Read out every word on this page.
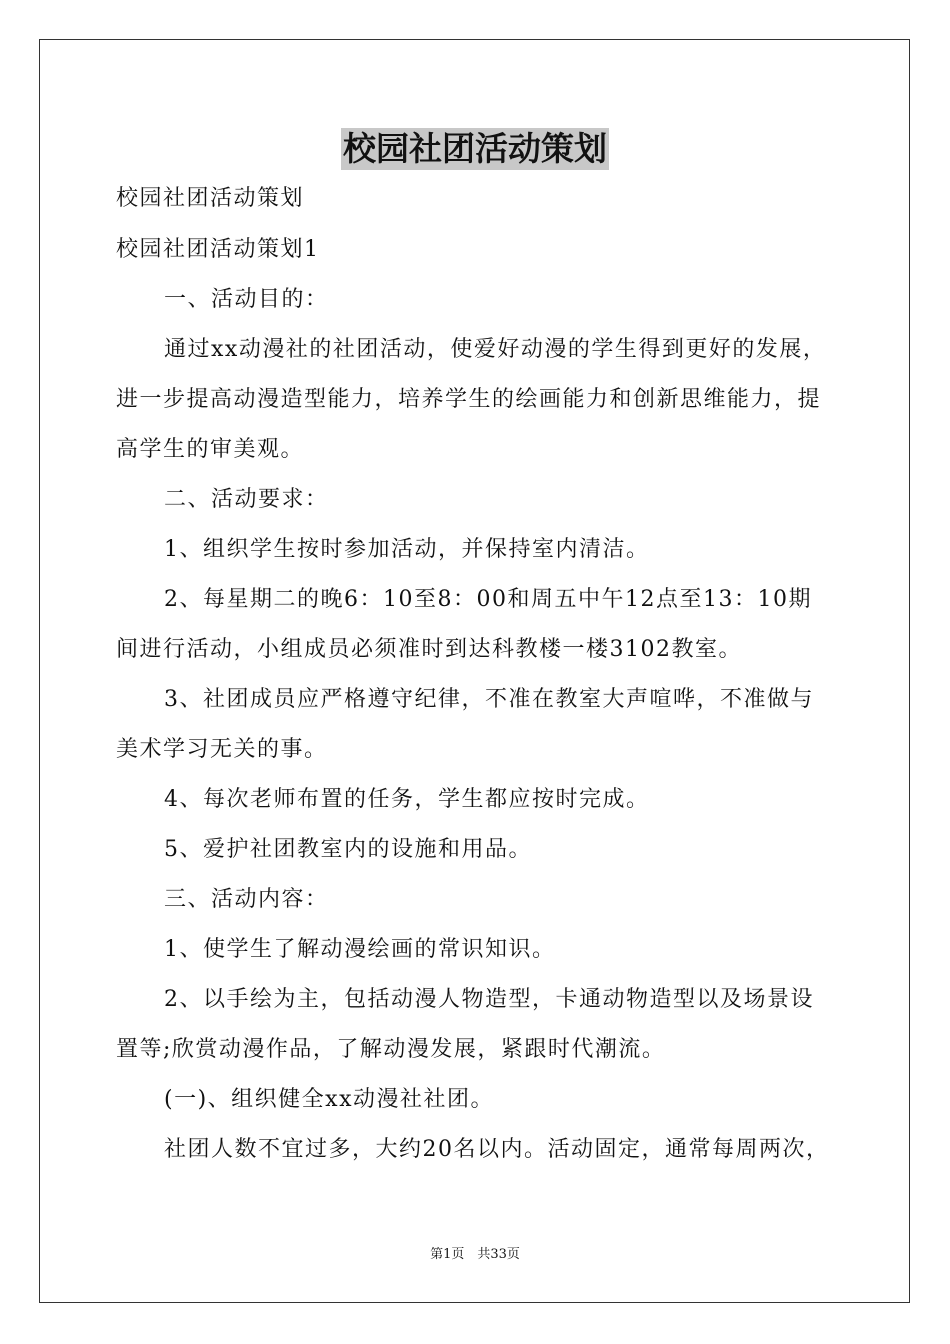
校园社团活动策划
校园社团活动策划
校园社团活动策划1
一、活动目的：
通过xx动漫社的社团活动，使爱好动漫的学生得到更好的发展，
进一步提高动漫造型能力，培养学生的绘画能力和创新思维能力，提
高学生的审美观。
二、活动要求：
1、组织学生按时参加活动，并保持室内清洁。
2、每星期二的晚6：10至8：00和周五中午12点至13：10期
间进行活动，小组成员必须准时到达科教楼一楼3102教室。
3、社团成员应严格遵守纪律，不准在教室大声喧哗，不准做与
美术学习无关的事。
4、每次老师布置的任务，学生都应按时完成。
5、爱护社团教室内的设施和用品。
三、活动内容：
1、使学生了解动漫绘画的常识知识。
2、以手绘为主，包括动漫人物造型，卡通动物造型以及场景设
置等;欣赏动漫作品，了解动漫发展，紧跟时代潮流。
(一)、组织健全xx动漫社社团。
社团人数不宜过多，大约20名以内。活动固定，通常每周两次，
第1页　共33页
